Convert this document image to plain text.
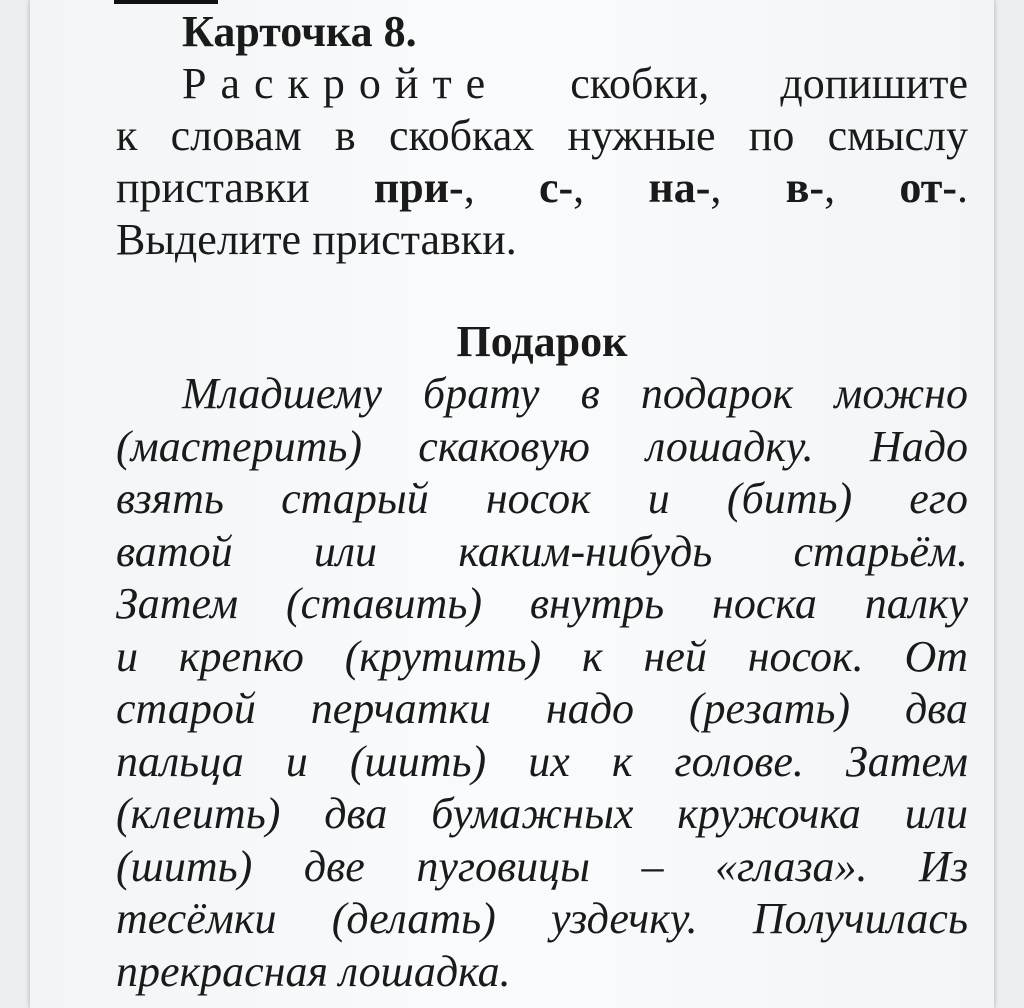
Карточка 8.
Раскройте скобки, допишите
к словам в скобках нужные по смыслу
приставки при-, с-, на-, в-, от-.
Выделите приставки.
Подарок
Младшему брату в подарок можно
(мастерить) скаковую лошадку. Надо
взять старый носок и (бить) его
ватой или каким-нибудь старьём.
Затем (ставить) внутрь носка палку
и крепко (крутить) к ней носок. От
старой перчатки надо (резать) два
пальца и (шить) их к голове. Затем
(клеить) два бумажных кружочка или
(шить) две пуговицы – «глаза». Из
тесёмки (делать) уздечку. Получилась
прекрасная лошадка.
